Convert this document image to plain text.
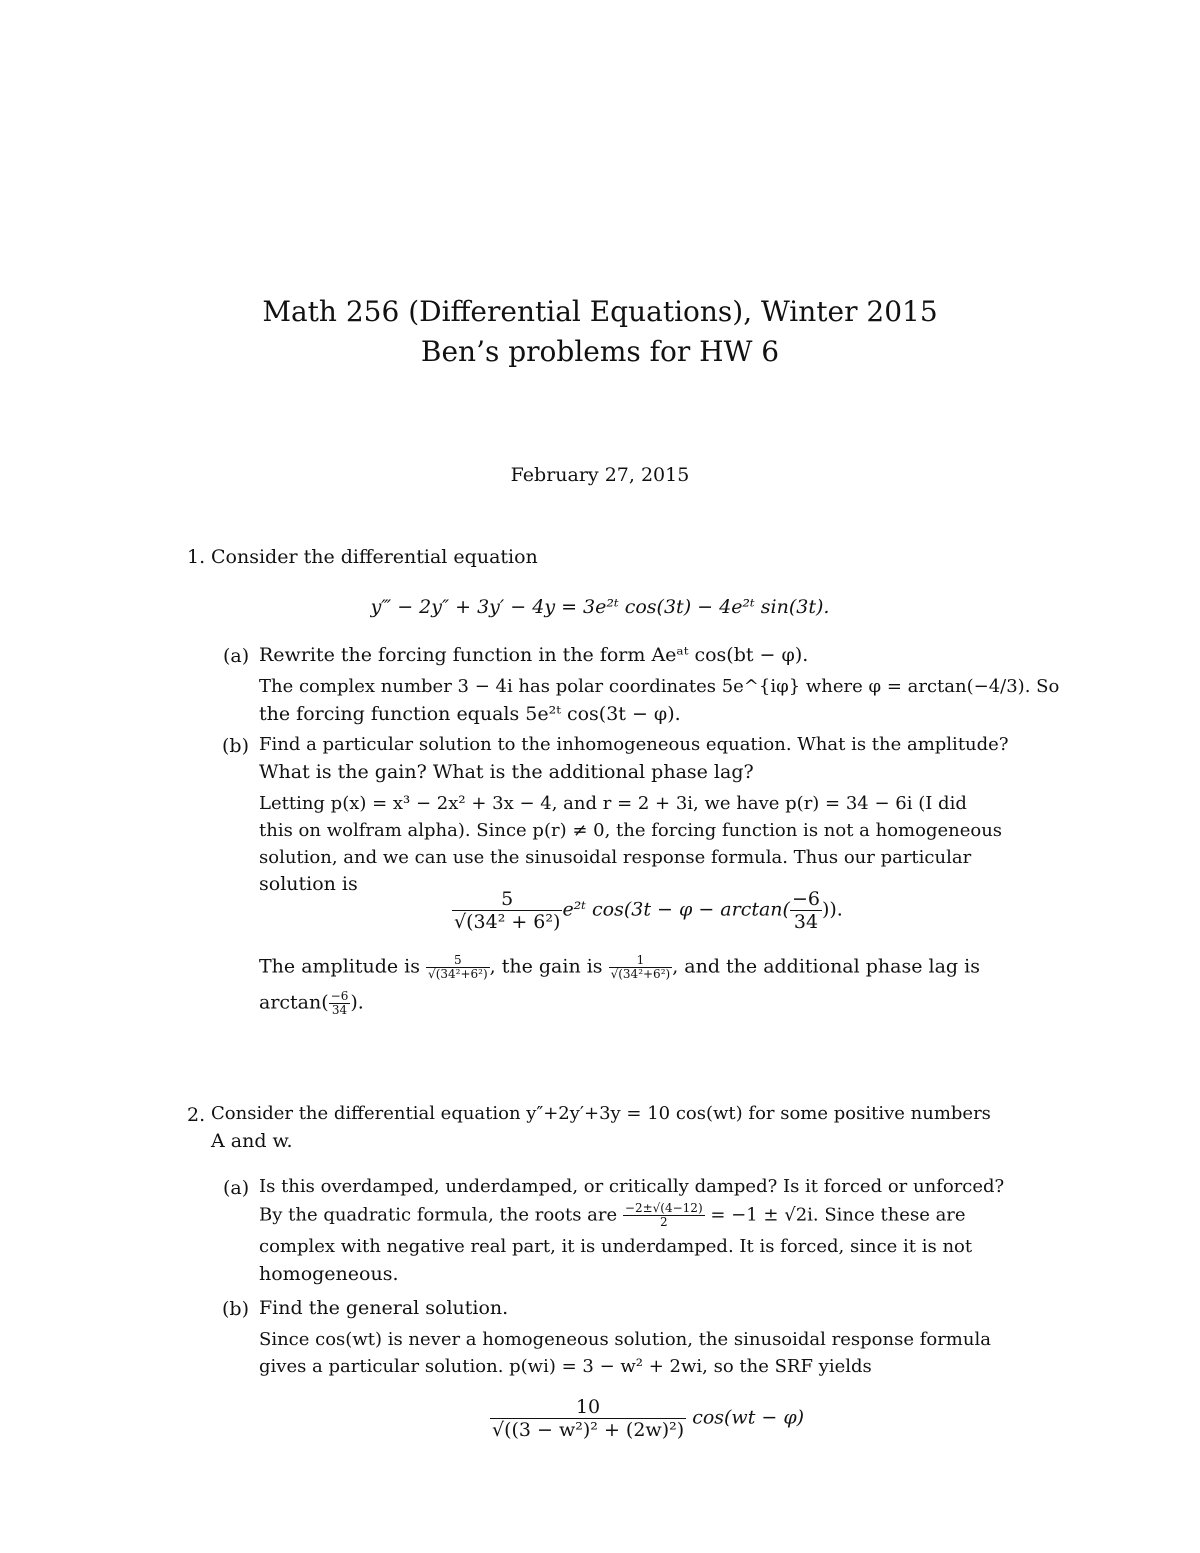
Math 256 (Differential Equations), Winter 2015
Ben’s problems for HW 6
February 27, 2015
1. Consider the differential equation
y‴ − 2y″ + 3y′ − 4y = 3e²ᵗ cos(3t) − 4e²ᵗ sin(3t).
(a) Rewrite the forcing function in the form Aeᵃᵗ cos(bt − φ).
The complex number 3 − 4i has polar coordinates 5e^{iφ} where φ = arctan(−4/3). So
the forcing function equals 5e²ᵗ cos(3t − φ).
(b) Find a particular solution to the inhomogeneous equation. What is the amplitude?
What is the gain? What is the additional phase lag?
Letting p(x) = x³ − 2x² + 3x − 4, and r = 2 + 3i, we have p(r) = 34 − 6i (I did
this on wolfram alpha). Since p(r) ≠ 0, the forcing function is not a homogeneous
solution, and we can use the sinusoidal response formula. Thus our particular
solution is
$\frac{5}{\text{√(34² + 6²)}}$ e²ᵗ $\cos(3t - \varphi - \arctan( \frac{-6}{34}$ )).
The amplitude is $\frac{5}{\text{√(34²+6²)}}$ , the gain is $\frac{1}{\text{√(34²+6²)}}$ , and the additional phase lag is
$\arctan( \frac{-6}{34}$ ).
2. Consider the differential equation y″+2y′+3y = 10 cos(wt) for some positive numbers
A and w.
(a) Is this overdamped, underdamped, or critically damped? Is it forced or unforced?
By the quadratic formula, the roots are $\frac{-2\pm√(4-12)}{2} = -1 \pm √2i$. Since these are
complex with negative real part, it is underdamped. It is forced, since it is not
homogeneous.
(b) Find the general solution.
Since cos(wt) is never a homogeneous solution, the sinusoidal response formula
gives a particular solution. p(wi) = 3 − w² + 2wi, so the SRF yields
$\frac{10}{\text{√((3 − w²)² + (2w)²)}} \cos(wt - \varphi)$
